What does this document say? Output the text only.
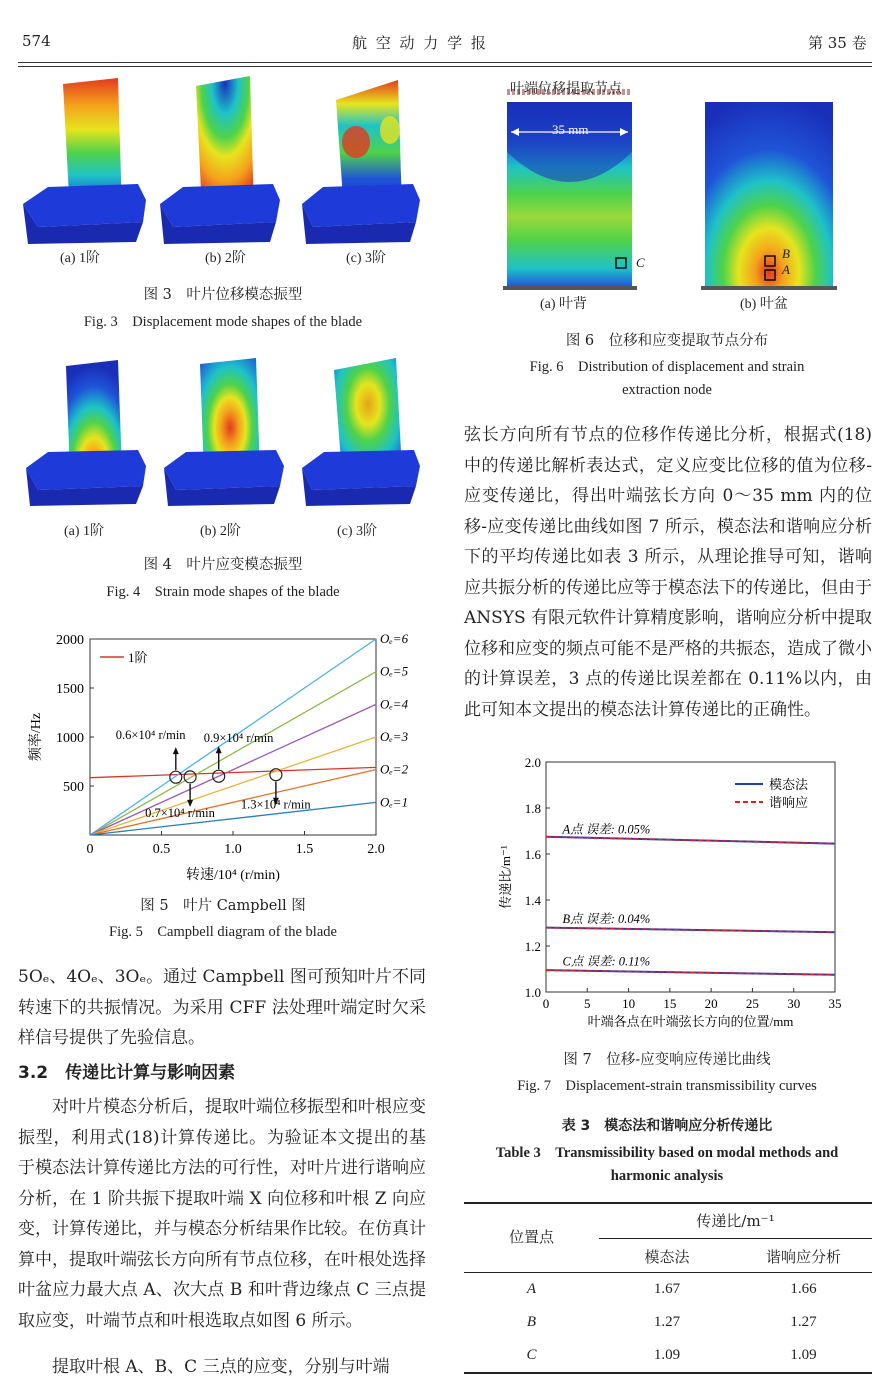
574	航 空 动 力 学 报	第 35 卷
(a) 1阶	(b) 2阶	(c) 3阶
图 3　叶片位移模态振型
Fig. 3　Displacement mode shapes of the blade
(a) 1阶	(b) 2阶	(c) 3阶
图 4　叶片应变模态振型
Fig. 4　Strain mode shapes of the blade
0	0.5	1.0	1.5	2.0
500
1000
1500
2000
转速/10⁴ (r/min)
频率/Hz
Oₑ=6
Oₑ=5
Oₑ=4
Oₑ=3
Oₑ=2
Oₑ=1
1阶
0.6×10⁴ r/min 0.9×10⁴ r/min
0.7×10⁴ r/min
1.3×10⁴ r/min
图 5　叶片 Campbell 图
Fig. 5　Campbell diagram of the blade
5Oₑ、4Oₑ、3Oₑ。通过 Campbell 图可预知叶片不同转速下的共振情况。为采用 CFF 法处理叶端定时欠采样信号提供了先验信息。
3.2　传递比计算与影响因素
对叶片模态分析后，提取叶端位移振型和叶根应变振型，利用式(18)计算传递比。为验证本文提出的基于模态法计算传递比方法的可行性，对叶片进行谐响应分析，在 1 阶共振下提取叶端 X 向位移和叶根 Z 向应变，计算传递比，并与模态分析结果作比较。在仿真计算中，提取叶端弦长方向所有节点位移，在叶根处选择叶盆应力最大点 A、次大点 B 和叶背边缘点 C 三点提取应变，叶端节点和叶根选取点如图 6 所示。
提取叶根 A、B、C 三点的应变，分别与叶端
叶端位移提取节点
35 mm
C
B
A
(a) 叶背	(b) 叶盆
图 6　位移和应变提取节点分布
Fig. 6　Distribution of displacement and strain
extraction node
弦长方向所有节点的位移作传递比分析，根据式(18)中的传递比解析表达式，定义应变比位移的值为位移-应变传递比，得出叶端弦长方向 0～35 mm 内的位移-应变传递比曲线如图 7 所示，模态法和谐响应分析下的平均传递比如表 3 所示，从理论推导可知，谐响应共振分析的传递比应等于模态法下的传递比，但由于 ANSYS 有限元软件计算精度影响，谐响应分析中提取位移和应变的频点可能不是严格的共振态，造成了微小的计算误差，3 点的传递比误差都在 0.11%以内，由此可知本文提出的模态法计算传递比的正确性。
0	5 10 15 20 25 30 35
1.0
1.2
1.4
1.6
1.8
2.0
叶端各点在叶端弦长方向的位置/mm
传递比/m⁻¹
模态法
谐响应
A点 误差: 0.05%
B点 误差: 0.04%
C点 误差: 0.11%
图 7　位移-应变响应传递比曲线
Fig. 7　Displacement-strain transmissibility curves
表 3　模态法和谐响应分析传递比
Table 3　Transmissibility based on modal methods and
harmonic analysis
位置点
传递比/m⁻¹
模态法	谐响应分析
A	1.67	1.66
B	1.27	1.27
C	1.09	1.09
